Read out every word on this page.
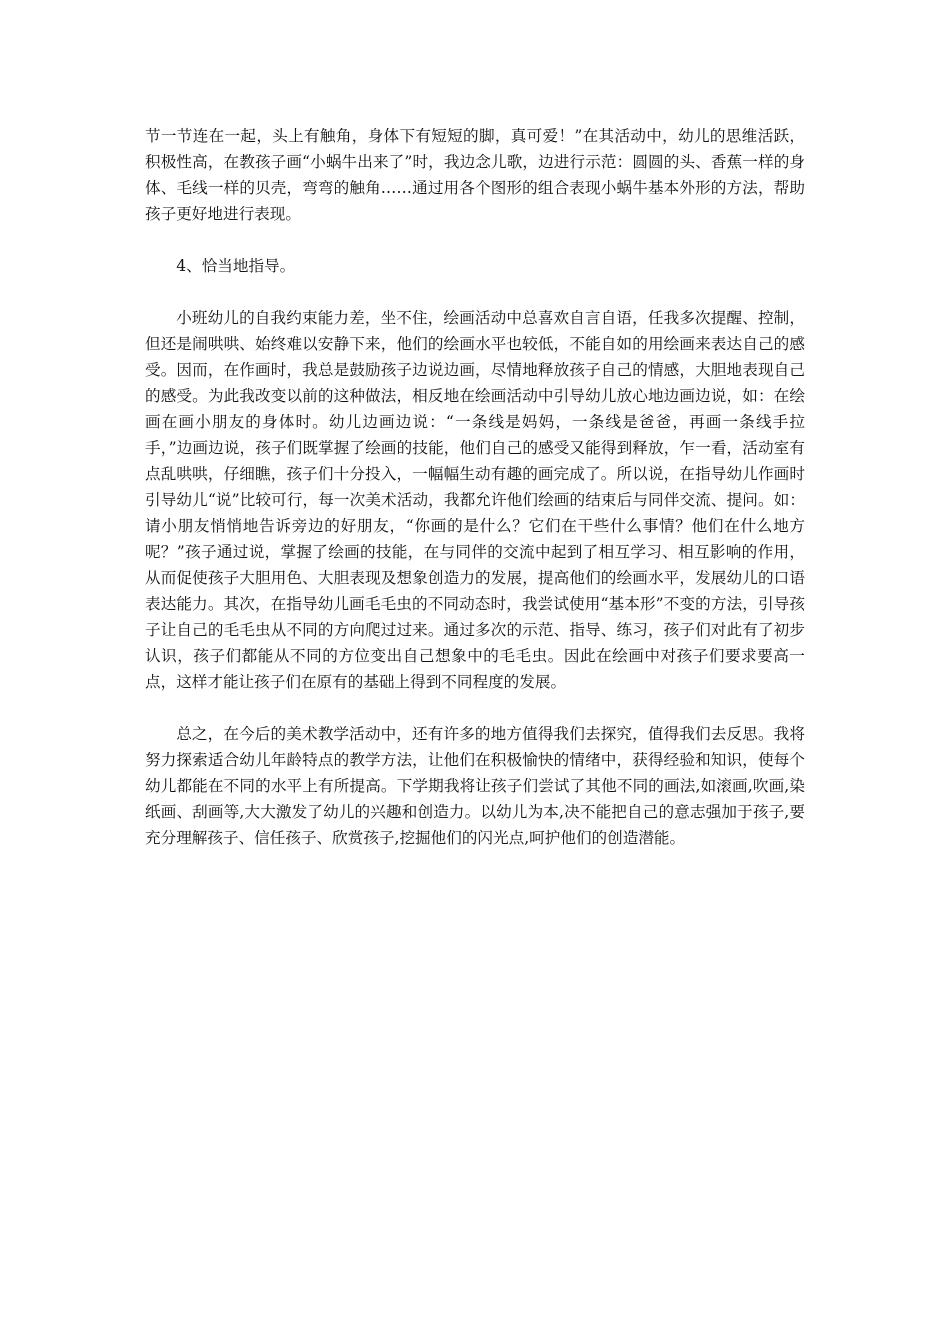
节一节连在一起，头上有触角，身体下有短短的脚，真可爱！”在其活动中，幼儿的思维活跃，积极性高，在教孩子画“小蜗牛出来了”时，我边念儿歌，边进行示范：圆圆的头、香蕉一样的身体、毛线一样的贝壳，弯弯的触角……通过用各个图形的组合表现小蜗牛基本外形的方法，帮助孩子更好地进行表现。

4、恰当地指导。

小班幼儿的自我约束能力差，坐不住，绘画活动中总喜欢自言自语，任我多次提醒、控制，但还是闹哄哄、始终难以安静下来，他们的绘画水平也较低，不能自如的用绘画来表达自己的感受。因而，在作画时，我总是鼓励孩子边说边画，尽情地释放孩子自己的情感，大胆地表现自己的感受。为此我改变以前的这种做法，相反地在绘画活动中引导幼儿放心地边画边说，如：在绘画在画小朋友的身体时。幼儿边画边说：“一条线是妈妈，一条线是爸爸，再画一条线手拉手，”边画边说，孩子们既掌握了绘画的技能，他们自己的感受又能得到释放，乍一看，活动室有点乱哄哄，仔细瞧，孩子们十分投入，一幅幅生动有趣的画完成了。所以说，在指导幼儿作画时引导幼儿“说”比较可行，每一次美术活动，我都允许他们绘画的结束后与同伴交流、提问。如：请小朋友悄悄地告诉旁边的好朋友，“你画的是什么？它们在干些什么事情？他们在什么地方呢？”孩子通过说，掌握了绘画的技能，在与同伴的交流中起到了相互学习、相互影响的作用，从而促使孩子大胆用色、大胆表现及想象创造力的发展，提高他们的绘画水平，发展幼儿的口语表达能力。其次，在指导幼儿画毛毛虫的不同动态时，我尝试使用“基本形”不变的方法，引导孩子让自己的毛毛虫从不同的方向爬过过来。通过多次的示范、指导、练习，孩子们对此有了初步认识，孩子们都能从不同的方位变出自己想象中的毛毛虫。因此在绘画中对孩子们要求要高一点，这样才能让孩子们在原有的基础上得到不同程度的发展。

总之，在今后的美术教学活动中，还有许多的地方值得我们去探究，值得我们去反思。我将努力探索适合幼儿年龄特点的教学方法，让他们在积极愉快的情绪中，获得经验和知识，使每个幼儿都能在不同的水平上有所提高。下学期我将让孩子们尝试了其他不同的画法,如滚画,吹画,染纸画、刮画等,大大激发了幼儿的兴趣和创造力。以幼儿为本,决不能把自己的意志强加于孩子,要充分理解孩子、信任孩子、欣赏孩子,挖掘他们的闪光点,呵护他们的创造潜能。
